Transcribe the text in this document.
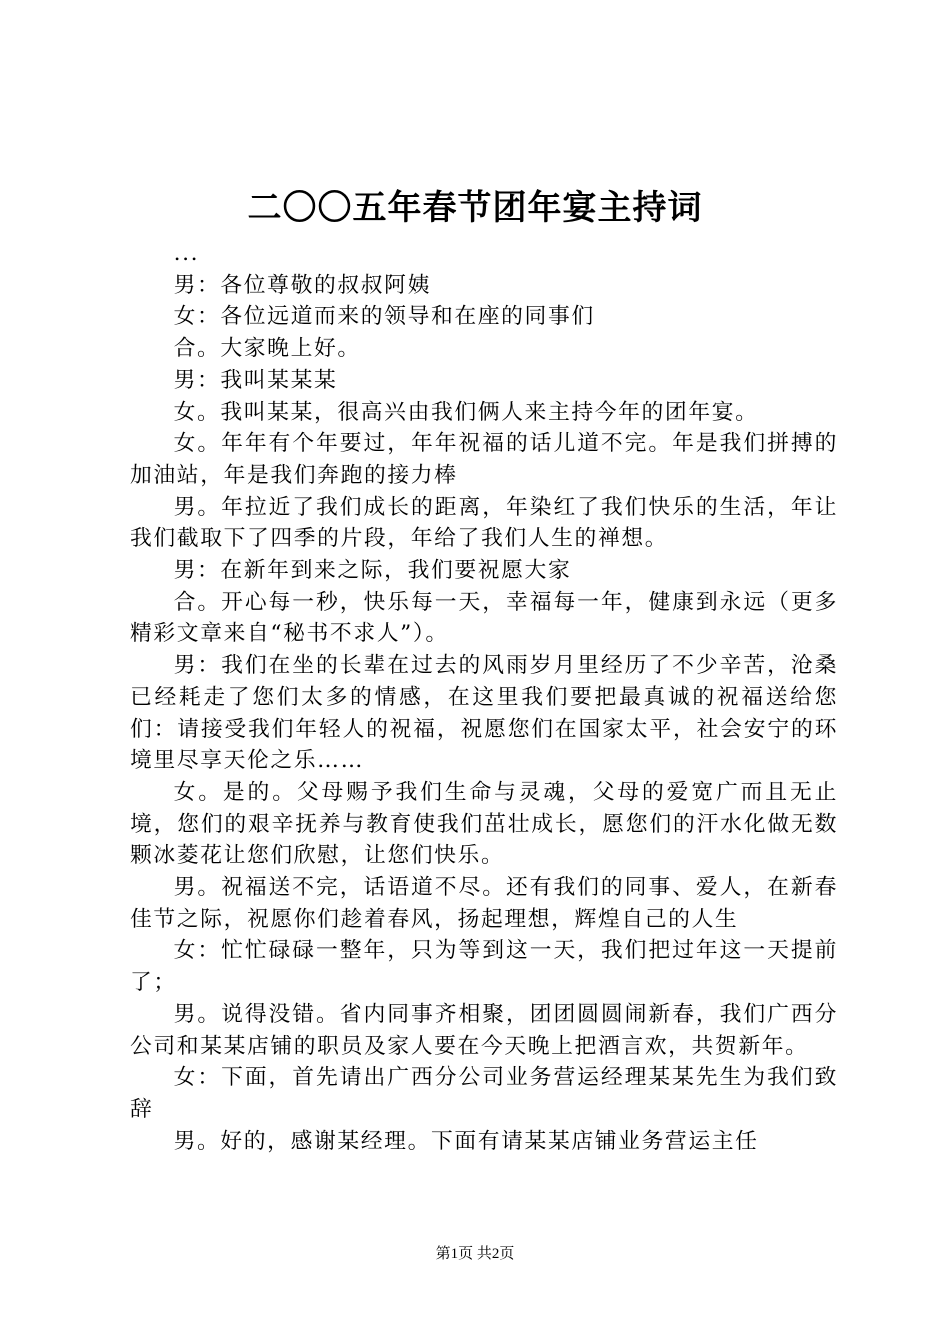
二〇〇五年春节团年宴主持词

...

男：各位尊敬的叔叔阿姨

女：各位远道而来的领导和在座的同事们

合。大家晚上好。

男：我叫某某某

女。我叫某某，很高兴由我们俩人来主持今年的团年宴。

女。年年有个年要过，年年祝福的话儿道不完。年是我们拼搏的加油站，年是我们奔跑的接力棒

男。年拉近了我们成长的距离，年染红了我们快乐的生活，年让我们截取下了四季的片段，年给了我们人生的禅想。

男：在新年到来之际，我们要祝愿大家

合。开心每一秒，快乐每一天，幸福每一年，健康到永远（更多精彩文章来自“秘书不求人”）。

男：我们在坐的长辈在过去的风雨岁月里经历了不少辛苦，沧桑已经耗走了您们太多的情感，在这里我们要把最真诚的祝福送给您们：请接受我们年轻人的祝福，祝愿您们在国家太平，社会安宁的环境里尽享天伦之乐……

女。是的。父母赐予我们生命与灵魂，父母的爱宽广而且无止境，您们的艰辛抚养与教育使我们茁壮成长，愿您们的汗水化做无数颗冰菱花让您们欣慰，让您们快乐。

男。祝福送不完，话语道不尽。还有我们的同事、爱人，在新春佳节之际，祝愿你们趁着春风，扬起理想，辉煌自己的人生

女：忙忙碌碌一整年，只为等到这一天，我们把过年这一天提前了；

男。说得没错。省内同事齐相聚，团团圆圆闹新春，我们广西分公司和某某店铺的职员及家人要在今天晚上把酒言欢，共贺新年。

女：下面，首先请出广西分公司业务营运经理某某先生为我们致辞

男。好的，感谢某经理。下面有请某某店铺业务营运主任

第1页 共2页
